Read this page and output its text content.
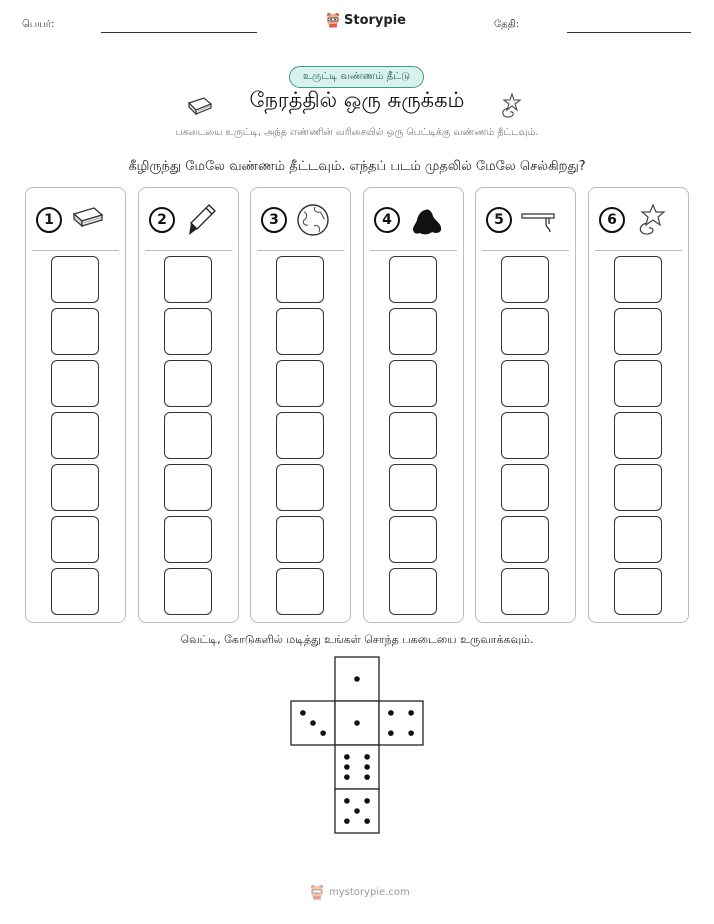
பெயர்:	தேதி:
Storypie
உருட்டி வண்ணம் தீட்டு
நேரத்தில் ஒரு சுருக்கம்
பகடையை உருட்டி, அந்த எண்ணின் வரிசையில் ஒரு பெட்டிக்கு வண்ணம் தீட்டவும்.
கீழிருந்து மேலே வண்ணம் தீட்டவும். எந்தப் படம் முதலில் மேலே செல்கிறது?
1	2	3	4	5	6
வெட்டி, கோடுகளில் மடித்து உங்கள் சொந்த பகடையை உருவாக்கவும்.
mystorypie.com
